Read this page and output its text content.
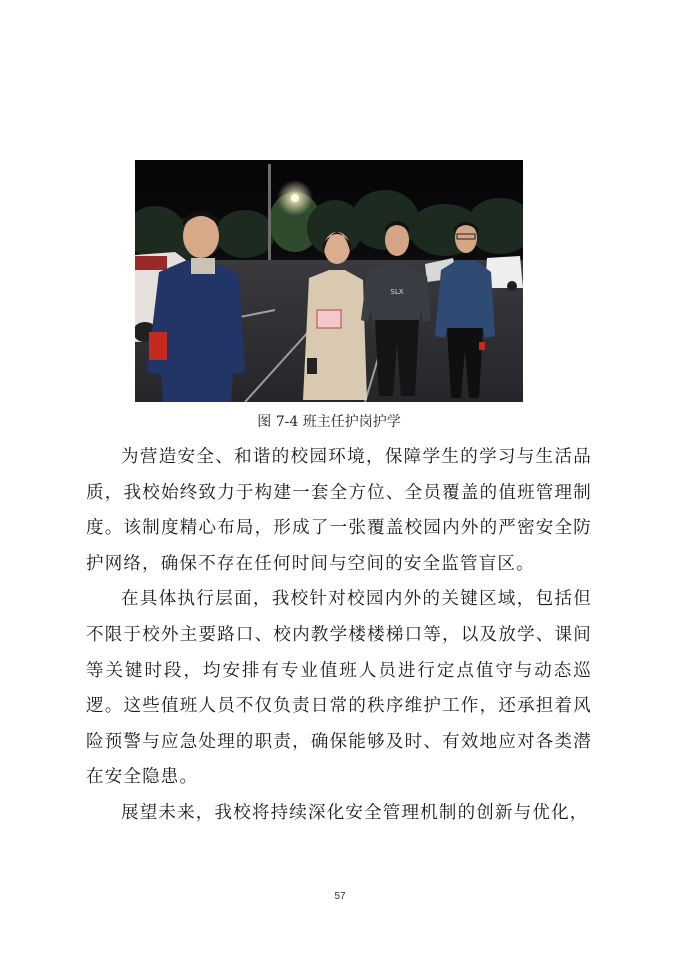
SLX
图 7-4 班主任护岗护学

为营造安全、和谐的校园环境，保障学生的学习与生活品质，我校始终致力于构建一套全方位、全员覆盖的值班管理制度。该制度精心布局，形成了一张覆盖校园内外的严密安全防护网络，确保不存在任何时间与空间的安全监管盲区。

在具体执行层面，我校针对校园内外的关键区域，包括但不限于校外主要路口、校内教学楼楼梯口等，以及放学、课间等关键时段，均安排有专业值班人员进行定点值守与动态巡逻。这些值班人员不仅负责日常的秩序维护工作，还承担着风险预警与应急处理的职责，确保能够及时、有效地应对各类潜在安全隐患。

展望未来，我校将持续深化安全管理机制的创新与优化，

57
